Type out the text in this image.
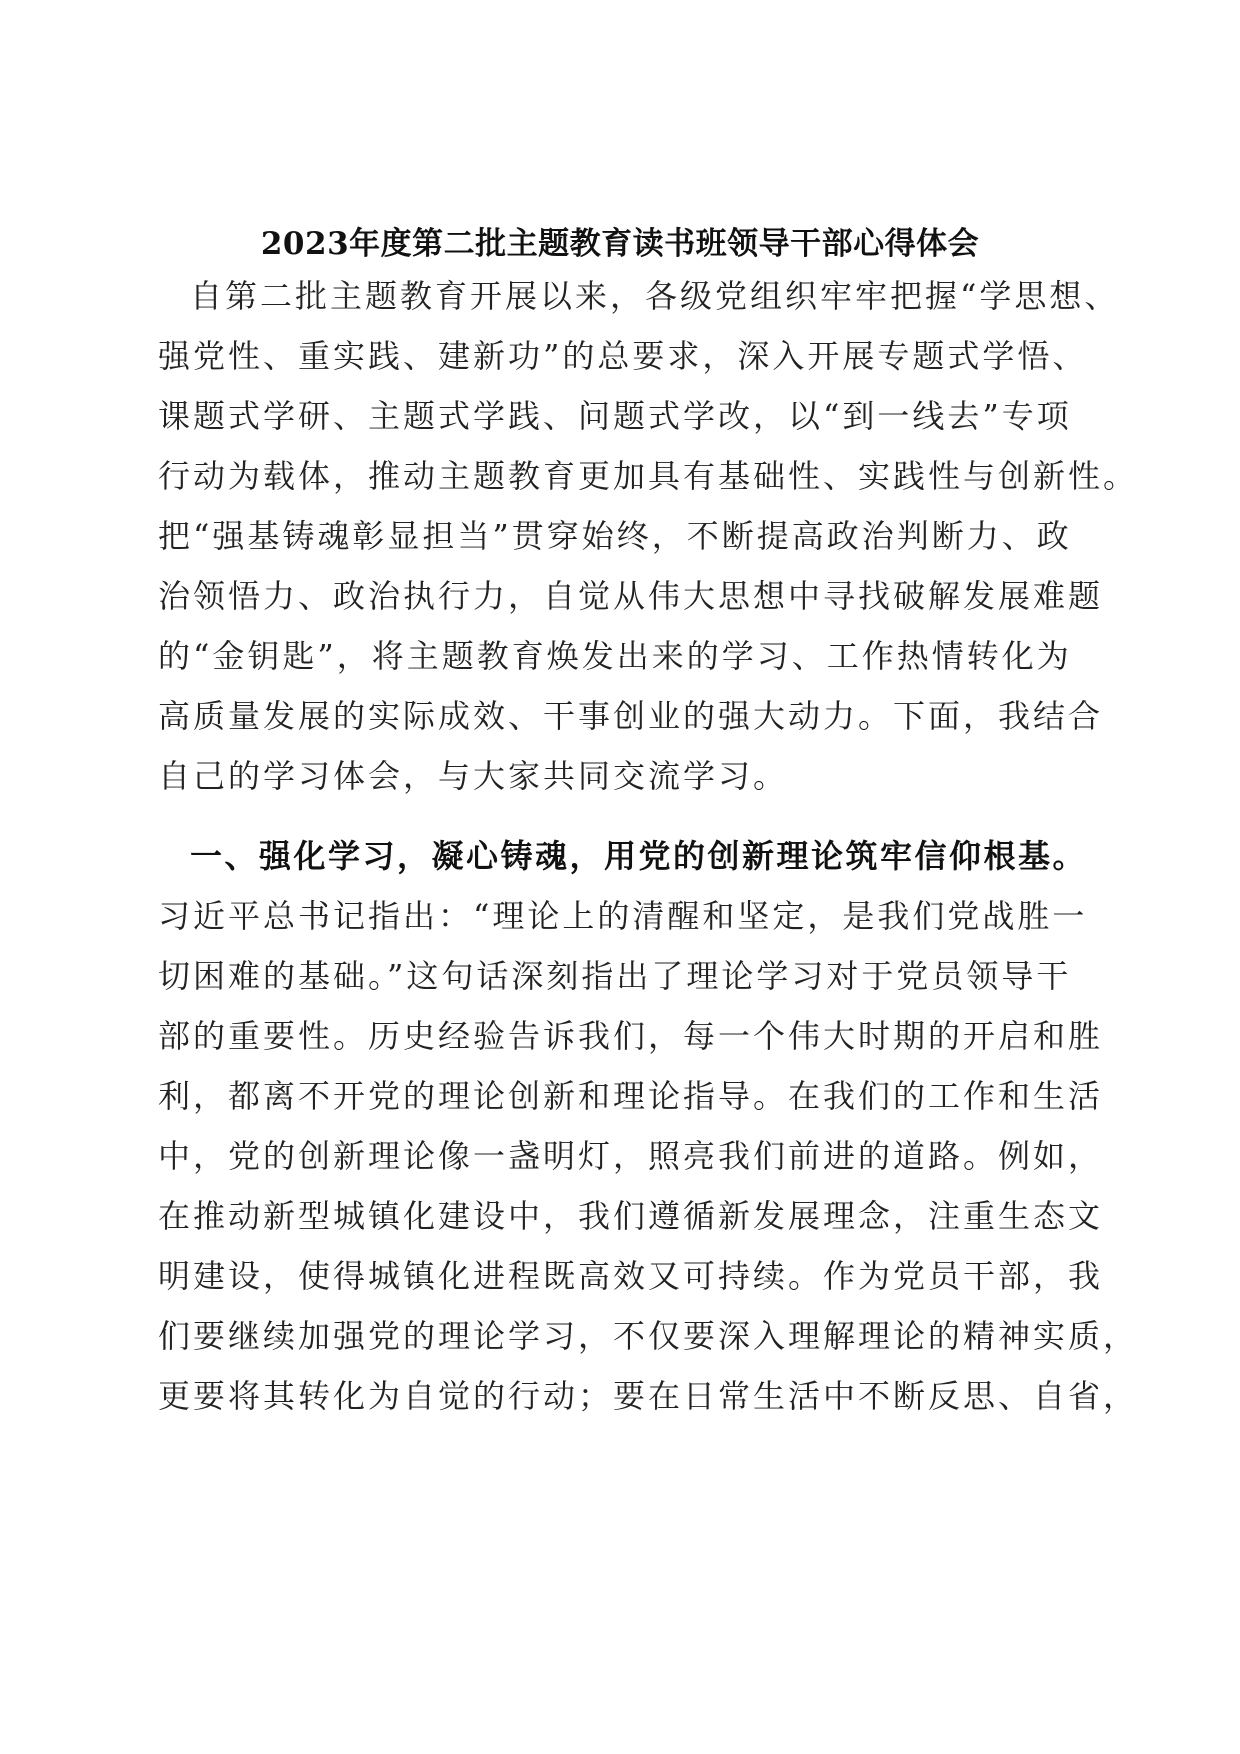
2023年度第二批主题教育读书班领导干部心得体会
自第二批主题教育开展以来，各级党组织牢牢把握“学思想、
强党性、重实践、建新功”的总要求，深入开展专题式学悟、
课题式学研、主题式学践、问题式学改，以“到一线去”专项
行动为载体，推动主题教育更加具有基础性、实践性与创新性。
把“强基铸魂彰显担当”贯穿始终，不断提高政治判断力、政
治领悟力、政治执行力，自觉从伟大思想中寻找破解发展难题
的“金钥匙”，将主题教育焕发出来的学习、工作热情转化为
高质量发展的实际成效、干事创业的强大动力。下面，我结合
自己的学习体会，与大家共同交流学习。
一、强化学习，凝心铸魂，用党的创新理论筑牢信仰根基。
习近平总书记指出：“理论上的清醒和坚定，是我们党战胜一
切困难的基础。”这句话深刻指出了理论学习对于党员领导干
部的重要性。历史经验告诉我们，每一个伟大时期的开启和胜
利，都离不开党的理论创新和理论指导。在我们的工作和生活
中，党的创新理论像一盏明灯，照亮我们前进的道路。例如，
在推动新型城镇化建设中，我们遵循新发展理念，注重生态文
明建设，使得城镇化进程既高效又可持续。作为党员干部，我
们要继续加强党的理论学习，不仅要深入理解理论的精神实质，
更要将其转化为自觉的行动；要在日常生活中不断反思、自省，
